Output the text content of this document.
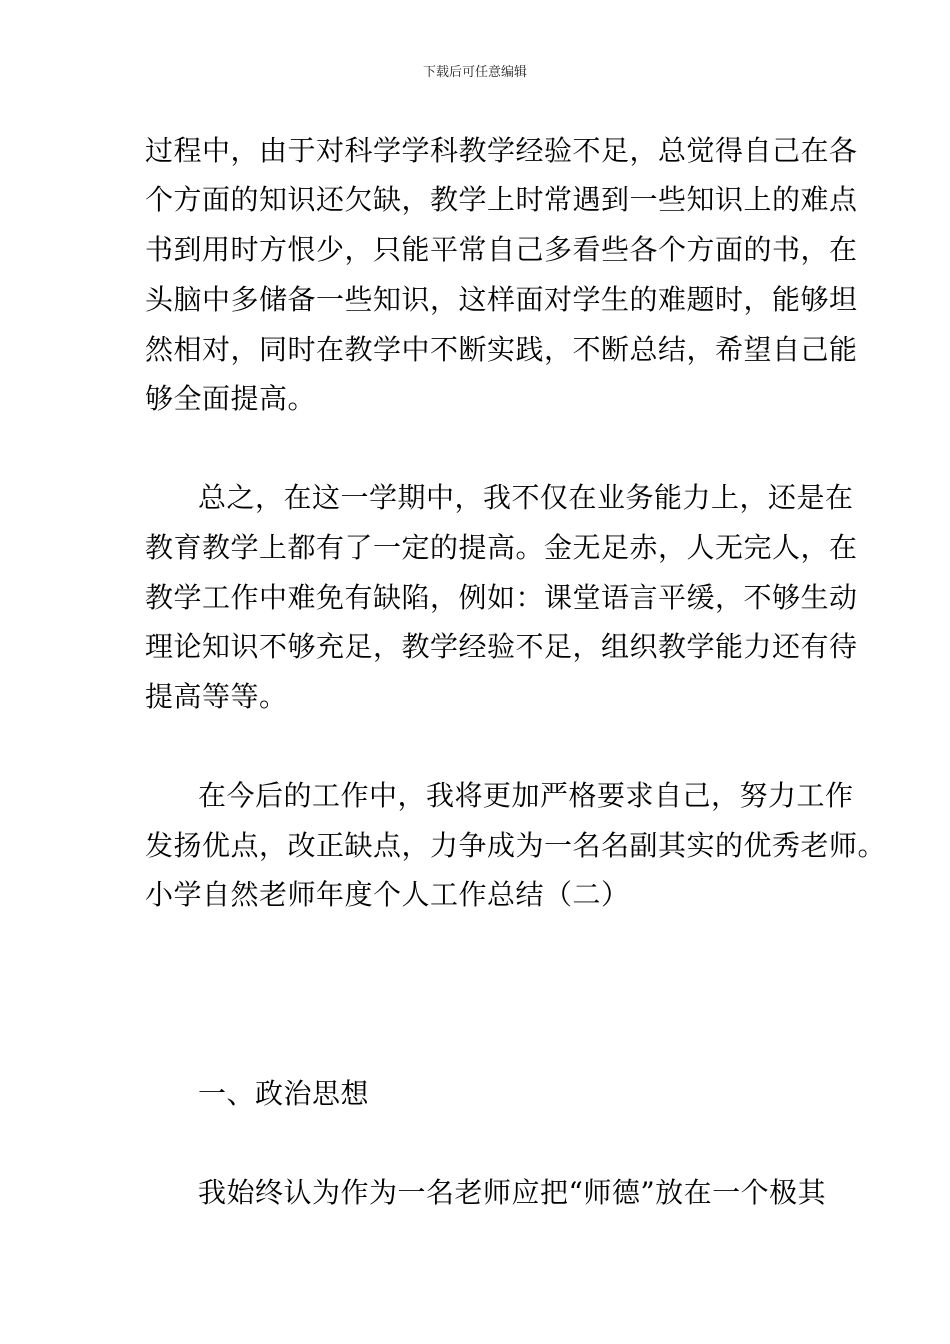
下载后可任意编辑
过程中，由于对科学学科教学经验不足，总觉得自己在各
个方面的知识还欠缺，教学上时常遇到一些知识上的难点
书到用时方恨少，只能平常自己多看些各个方面的书，在
头脑中多储备一些知识，这样面对学生的难题时，能够坦
然相对，同时在教学中不断实践，不断总结，希望自己能
够全面提高。
总之，在这一学期中，我不仅在业务能力上，还是在
教育教学上都有了一定的提高。金无足赤，人无完人，在
教学工作中难免有缺陷，例如：课堂语言平缓，不够生动
理论知识不够充足，教学经验不足，组织教学能力还有待
提高等等。
在今后的工作中，我将更加严格要求自己，努力工作
发扬优点，改正缺点，力争成为一名名副其实的优秀老师。
小学自然老师年度个人工作总结（二）
一、政治思想
我始终认为作为一名老师应把“师德”放在一个极其
